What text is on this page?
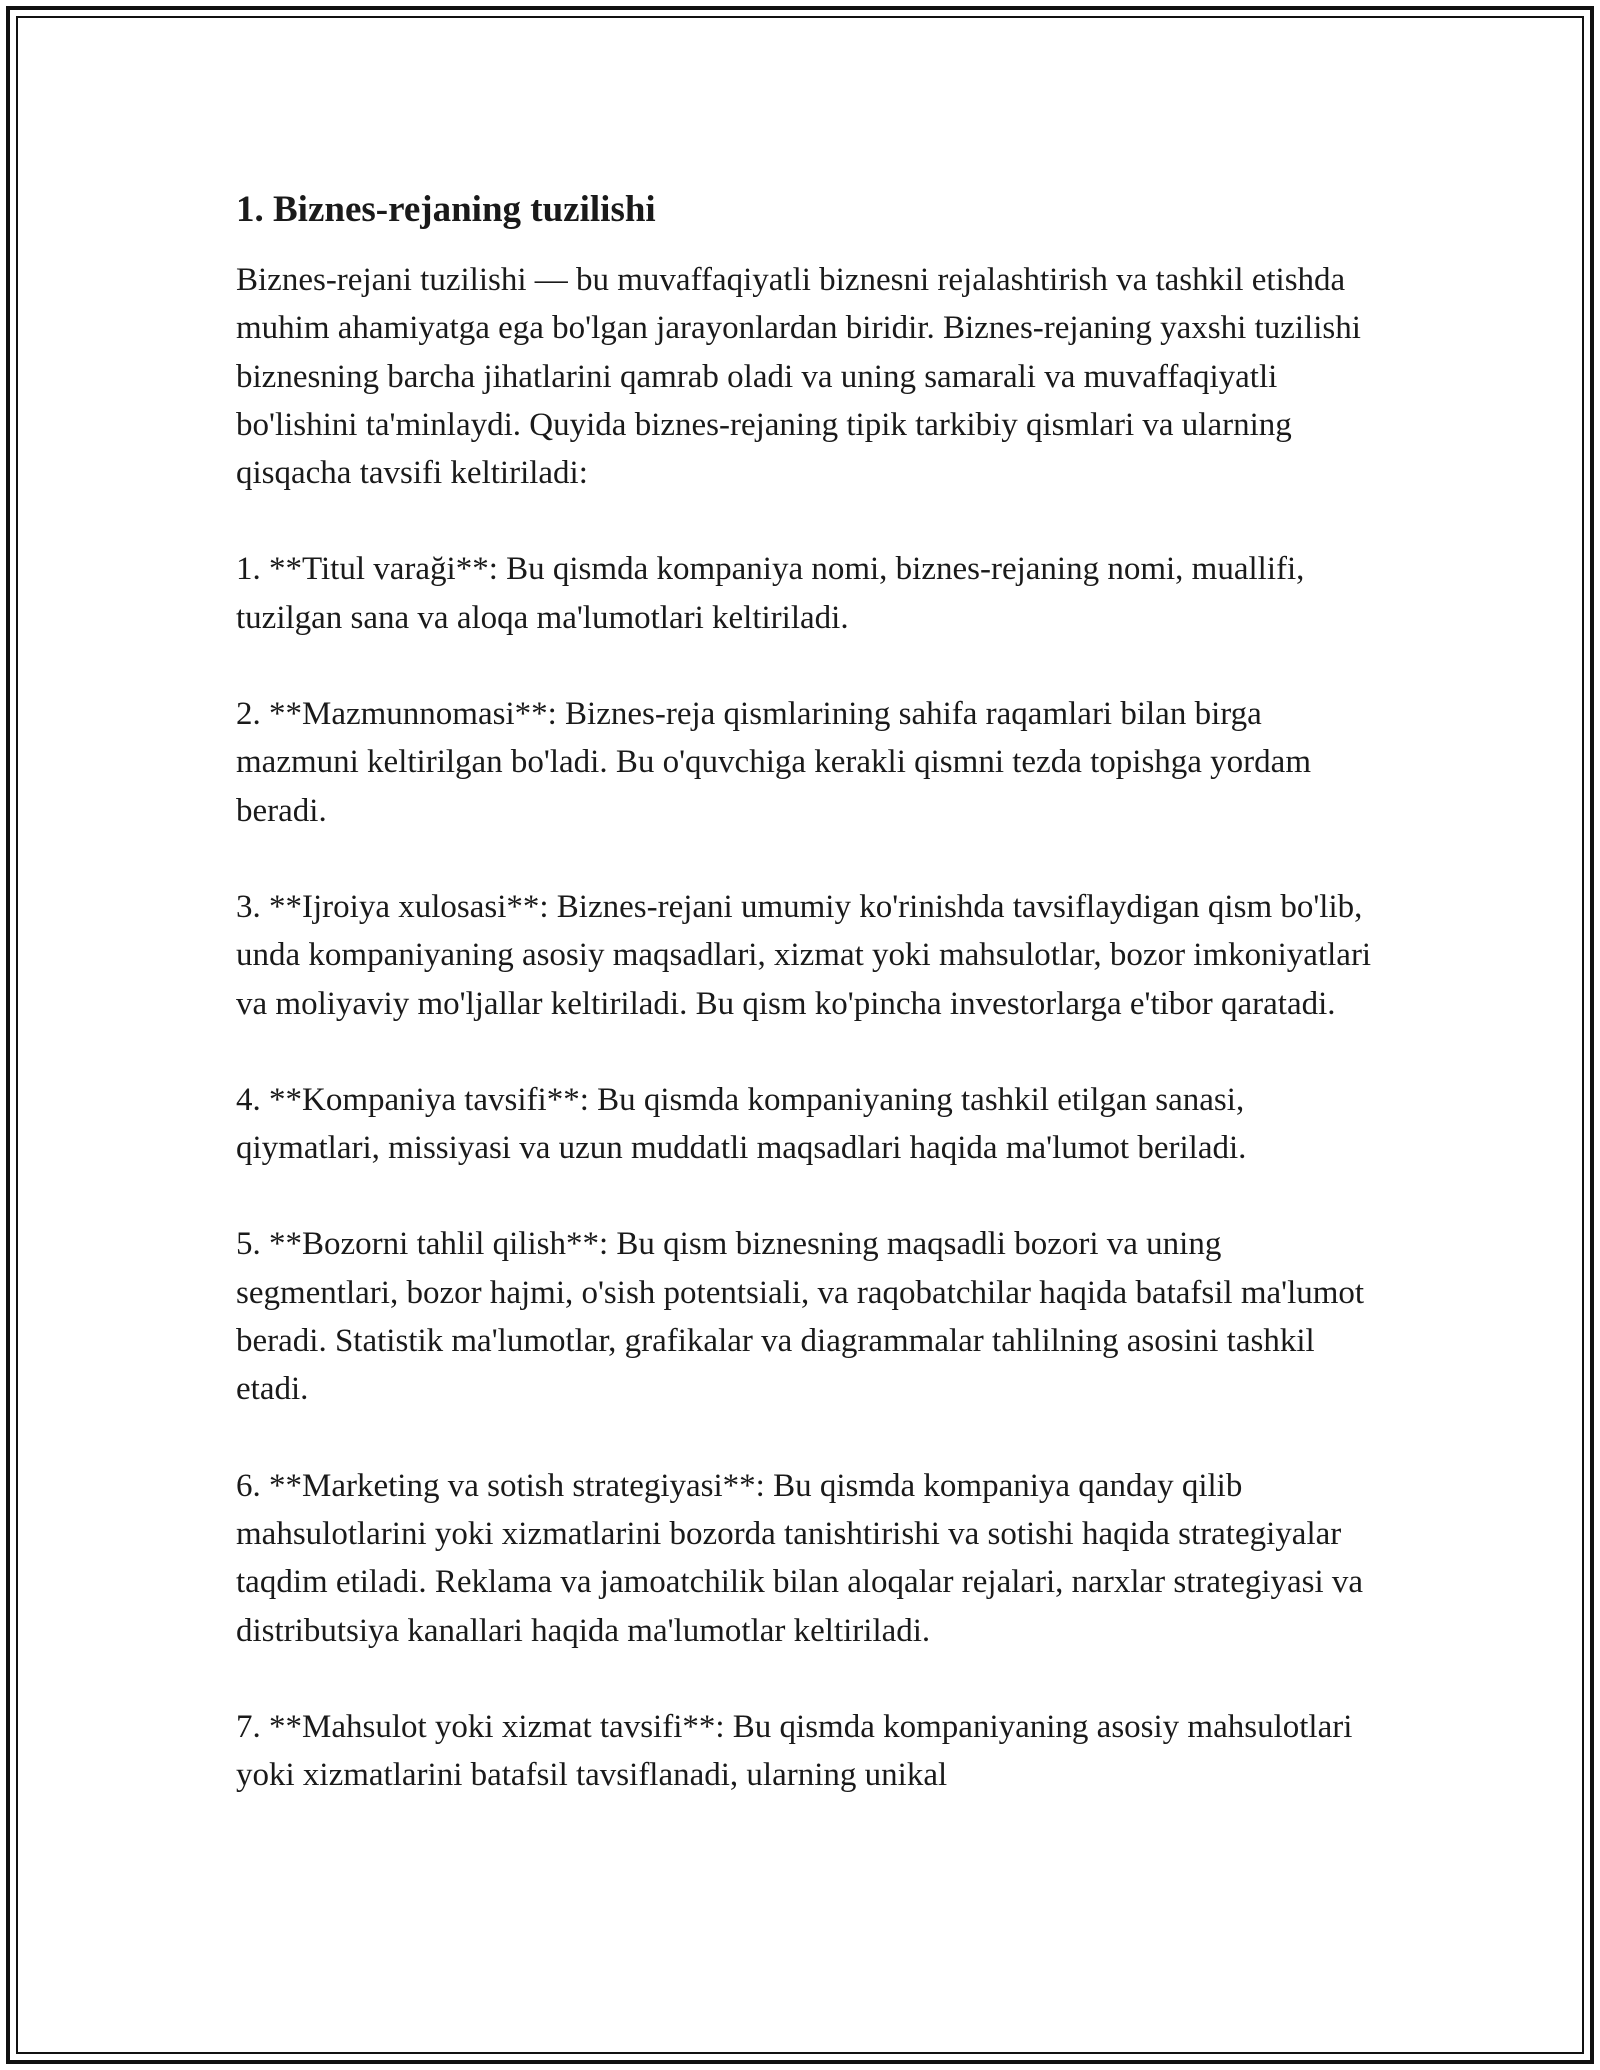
1. Biznes-rejaning tuzilishi

Biznes-rejani tuzilishi — bu muvaffaqiyatli biznesni rejalashtirish va tashkil etishda muhim ahamiyatga ega bo'lgan jarayonlardan biridir. Biznes-rejaning yaxshi tuzilishi biznesning barcha jihatlarini qamrab oladi va uning samarali va muvaffaqiyatli bo'lishini ta'minlaydi. Quyida biznes-rejaning tipik tarkibiy qismlari va ularning qisqacha tavsifi keltiriladi:

1. **Titul varaği**: Bu qismda kompaniya nomi, biznes-rejaning nomi, muallifi, tuzilgan sana va aloqa ma'lumotlari keltiriladi.

2. **Mazmunnomasi**: Biznes-reja qismlarining sahifa raqamlari bilan birga mazmuni keltirilgan bo'ladi. Bu o'quvchiga kerakli qismni tezda topishga yordam beradi.

3. **Ijroiya xulosasi**: Biznes-rejani umumiy ko'rinishda tavsiflaydigan qism bo'lib, unda kompaniyaning asosiy maqsadlari, xizmat yoki mahsulotlar, bozor imkoniyatlari va moliyaviy mo'ljallar keltiriladi. Bu qism ko'pincha investorlarga e'tibor qaratadi.

4. **Kompaniya tavsifi**: Bu qismda kompaniyaning tashkil etilgan sanasi, qiymatlari, missiyasi va uzun muddatli maqsadlari haqida ma'lumot beriladi.

5. **Bozorni tahlil qilish**: Bu qism biznesning maqsadli bozori va uning segmentlari, bozor hajmi, o'sish potentsiali, va raqobatchilar haqida batafsil ma'lumot beradi. Statistik ma'lumotlar, grafikalar va diagrammalar tahlilning asosini tashkil etadi.

6. **Marketing va sotish strategiyasi**: Bu qismda kompaniya qanday qilib mahsulotlarini yoki xizmatlarini bozorda tanishtirishi va sotishi haqida strategiyalar taqdim etiladi. Reklama va jamoatchilik bilan aloqalar rejalari, narxlar strategiyasi va distributsiya kanallari haqida ma'lumotlar keltiriladi.

7. **Mahsulot yoki xizmat tavsifi**: Bu qismda kompaniyaning asosiy mahsulotlari yoki xizmatlarini batafsil tavsiflanadi, ularning unikal
